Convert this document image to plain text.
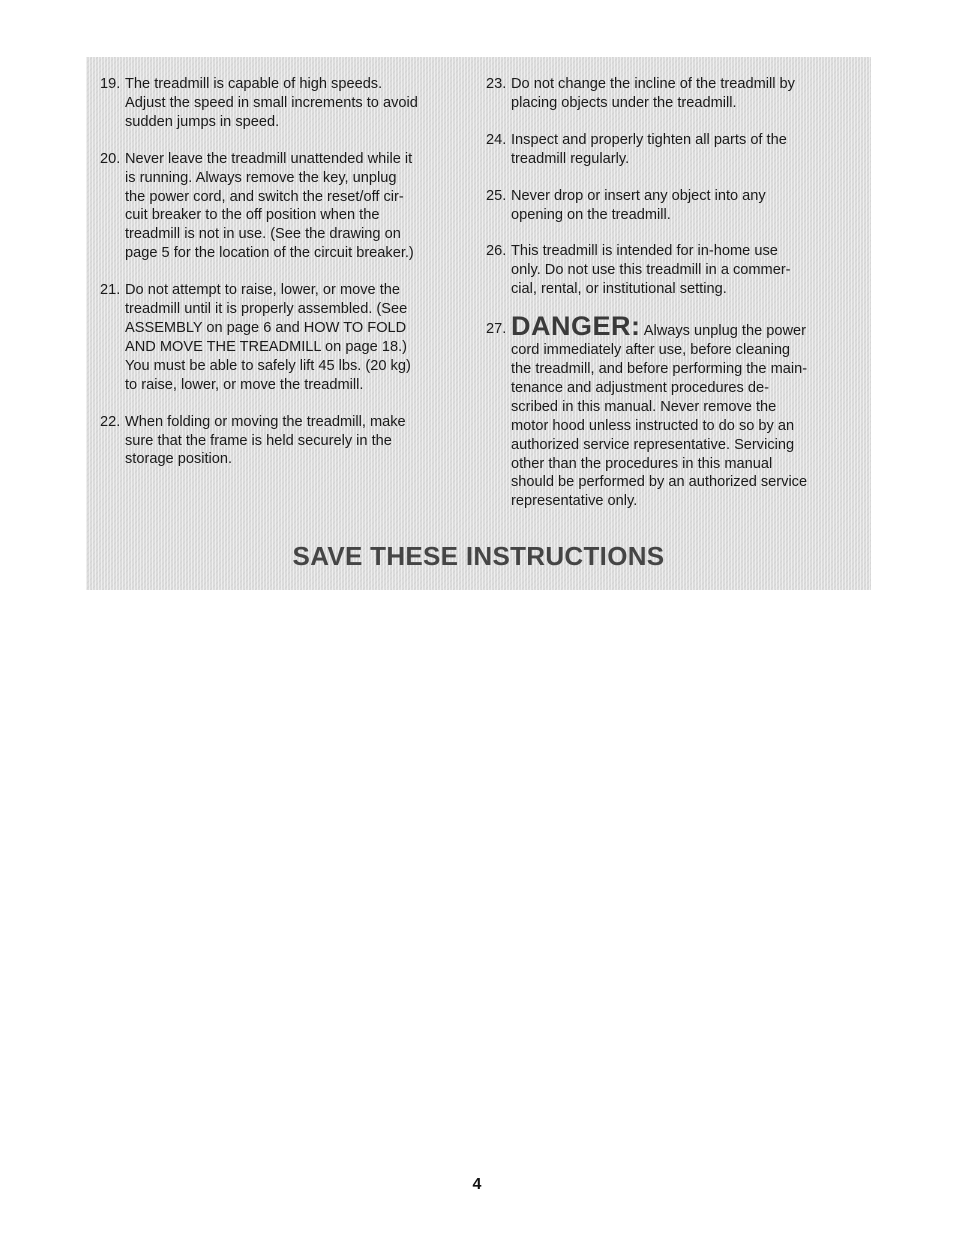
19. The treadmill is capable of high speeds.
Adjust the speed in small increments to avoid
sudden jumps in speed.
20. Never leave the treadmill unattended while it
is running. Always remove the key, unplug
the power cord, and switch the reset/off cir-
cuit breaker to the off position when the
treadmill is not in use. (See the drawing on
page 5 for the location of the circuit breaker.)
21. Do not attempt to raise, lower, or move the
treadmill until it is properly assembled. (See
ASSEMBLY on page 6 and HOW TO FOLD
AND MOVE THE TREADMILL on page 18.)
You must be able to safely lift 45 lbs. (20 kg)
to raise, lower, or move the treadmill.
22. When folding or moving the treadmill, make
sure that the frame is held securely in the
storage position.
23. Do not change the incline of the treadmill by
placing objects under the treadmill.
24. Inspect and properly tighten all parts of the
treadmill regularly.
25. Never drop or insert any object into any
opening on the treadmill.
26. This treadmill is intended for in-home use
only. Do not use this treadmill in a commer-
cial, rental, or institutional setting.
27. DANGER: Always unplug the power
cord immediately after use, before cleaning
the treadmill, and before performing the main-
tenance and adjustment procedures de-
scribed in this manual. Never remove the
motor hood unless instructed to do so by an
authorized service representative. Servicing
other than the procedures in this manual
should be performed by an authorized service
representative only.
SAVE THESE INSTRUCTIONS
4
